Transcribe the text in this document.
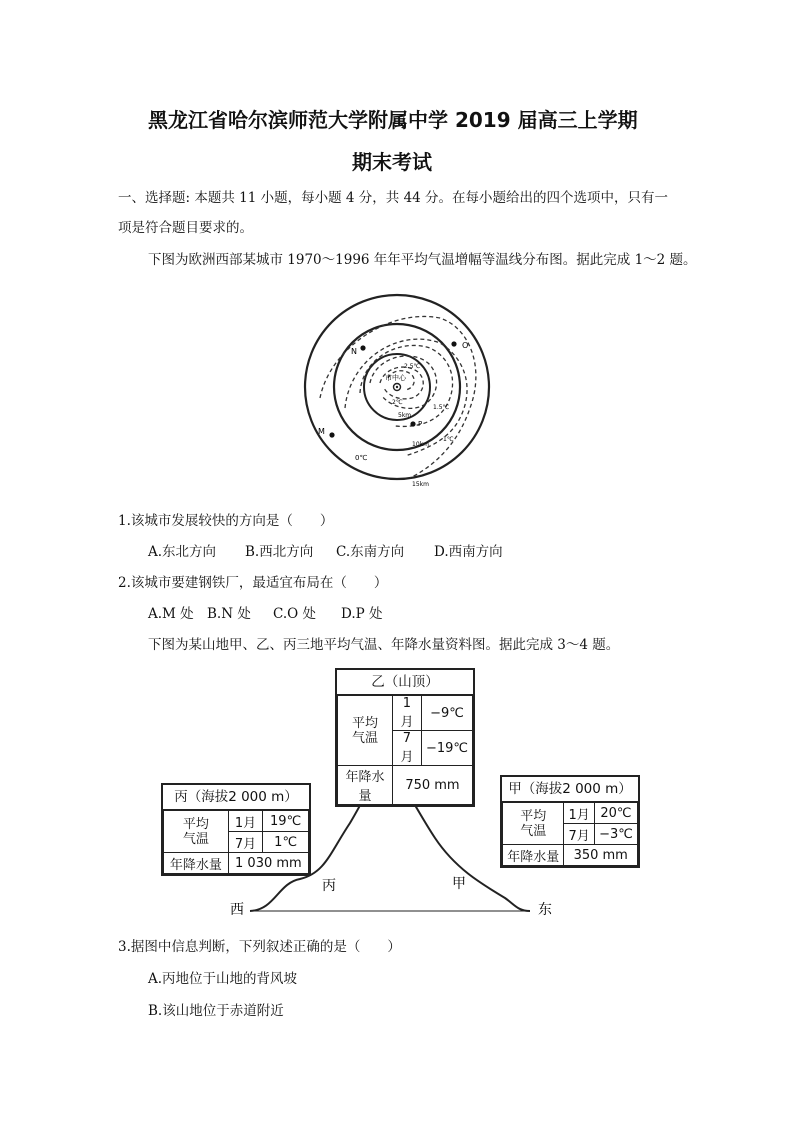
黑龙江省哈尔滨师范大学附属中学 2019 届高三上学期
期末考试
一、选择题: 本题共 11 小题，每小题 4 分，共 44 分。在每小题给出的四个选项中，只有一
项是符合题目要求的。
下图为欧洲西部某城市 1970～1996 年年平均气温增幅等温线分布图。据此完成 1～2 题。
N
O
M
P
市中心
2.5℃
2℃
1.5℃
1℃
0℃
5km
10km
15km
1.该城市发展较快的方向是（　　）
A.东北方向 B.西北方向 C.东南方向 D.西南方向
2.该城市要建钢铁厂，最适宜布局在（　　）
A.M 处 B.N 处 C.O 处 D.P 处
下图为某山地甲、乙、丙三地平均气温、年降水量资料图。据此完成 3～4 题。
丙	甲
西	东
乙（山顶）
平均
气温	1月	−9℃
	7月	−19℃
年降水量	750 mm	
丙（海拔2 000 m）
平均
气温	1月	19℃
	7月	1℃
年降水量	1 030 mm	
甲（海拔2 000 m）
平均
气温	1月	20℃
	7月	−3℃
年降水量	350 mm	
3.据图中信息判断，下列叙述正确的是（　　）
A.丙地位于山地的背风坡
B.该山地位于赤道附近
